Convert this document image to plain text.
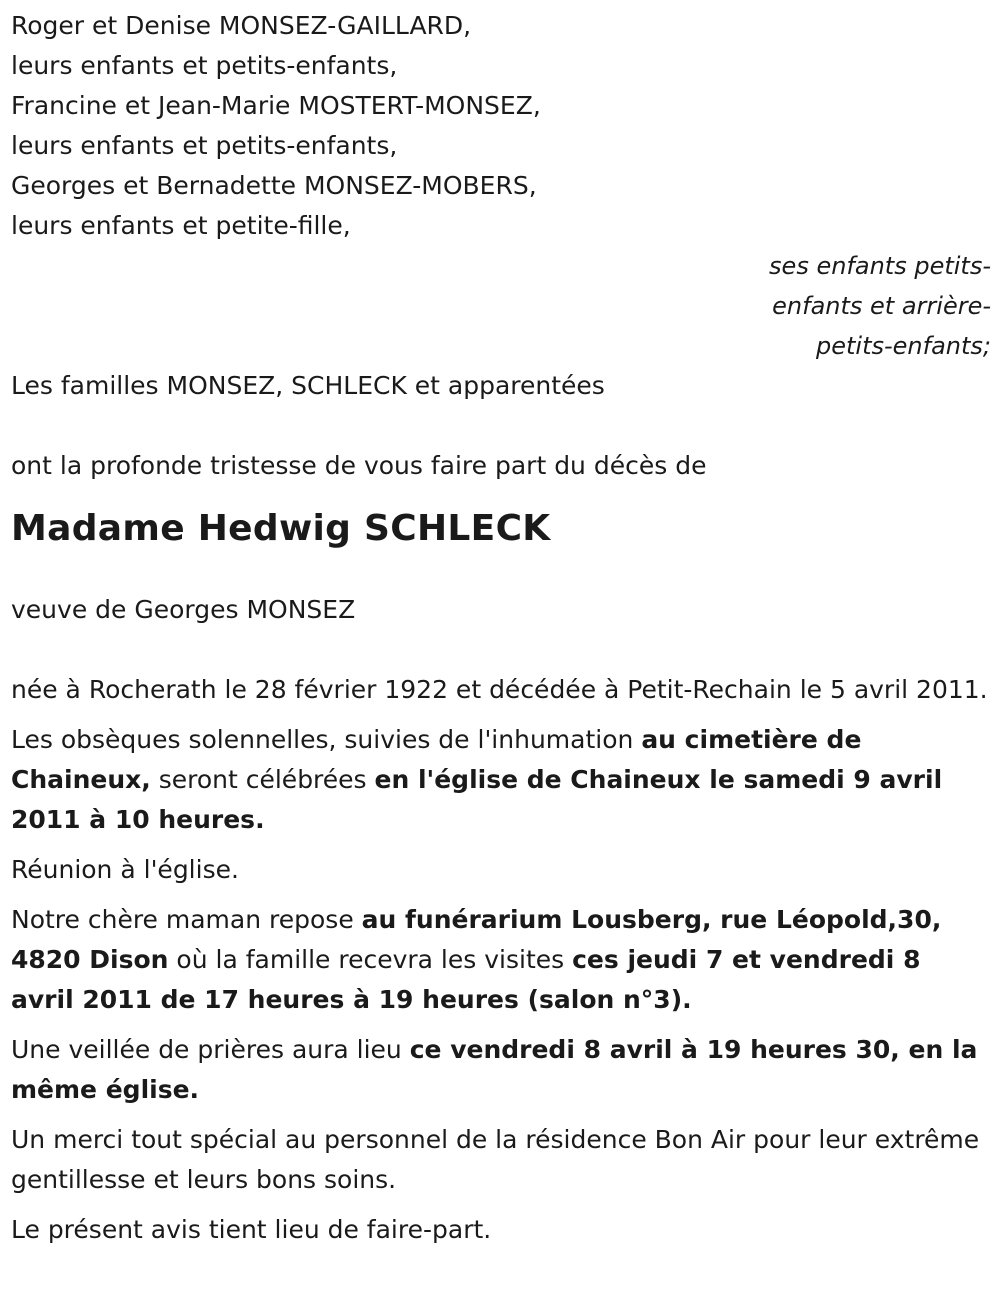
Roger et Denise MONSEZ-GAILLARD,

leurs enfants et petits-enfants,

Francine et Jean-Marie MOSTERT-MONSEZ,

leurs enfants et petits-enfants,

Georges et Bernadette MONSEZ-MOBERS,

leurs enfants et petite-fille,

ses enfants petits-

enfants et arrière-

petits-enfants;

Les familles MONSEZ, SCHLECK et apparentées

ont la profonde tristesse de vous faire part du décès de

Madame Hedwig SCHLECK

veuve de Georges MONSEZ

née à Rocherath le 28 février 1922 et décédée à Petit-Rechain le 5 avril 2011.

Les obsèques solennelles, suivies de l'inhumation au cimetière de Chaineux, seront célébrées en l'église de Chaineux le samedi 9 avril 2011 à 10 heures.

Réunion à l'église.

Notre chère maman repose au funérarium Lousberg, rue Léopold,30, 4820 Dison où la famille recevra les visites ces jeudi 7 et vendredi 8 avril 2011 de 17 heures à 19 heures (salon n°3).

Une veillée de prières aura lieu ce vendredi 8 avril à 19 heures 30, en la même église.

Un merci tout spécial au personnel de la résidence Bon Air pour leur extrême gentillesse et leurs bons soins.

Le présent avis tient lieu de faire-part.
